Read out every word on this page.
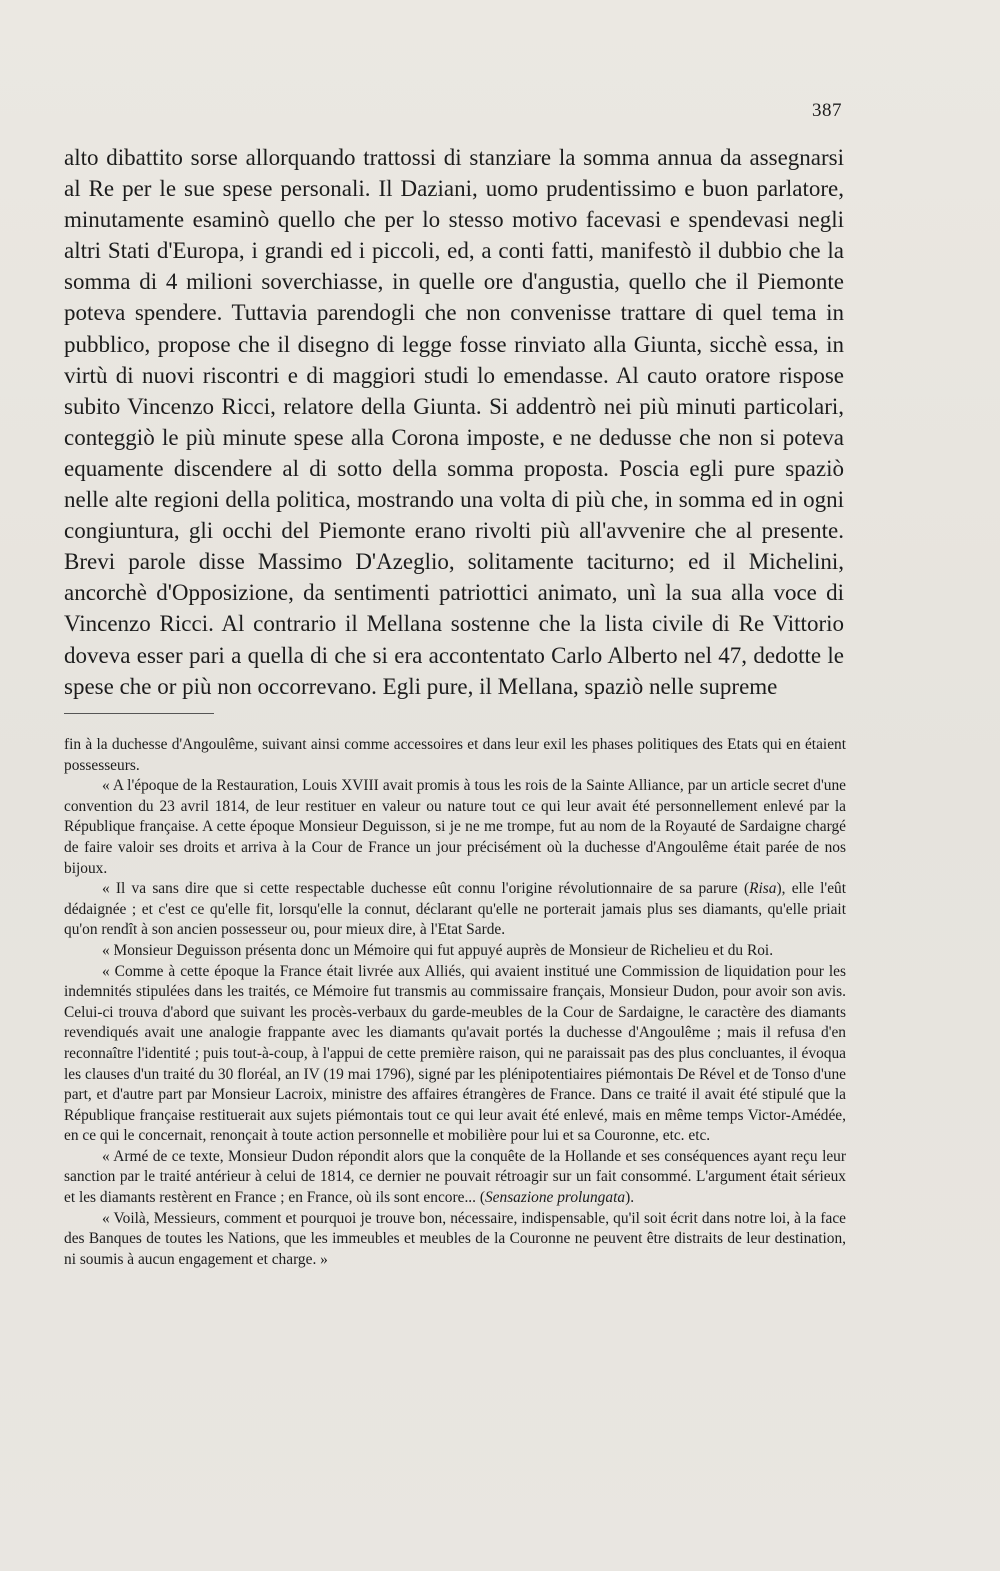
387

alto dibattito sorse allorquando trattossi di stanziare la somma annua da assegnarsi al Re per le sue spese personali. Il Daziani, uomo prudentissimo e buon parlatore, minutamente esaminò quello che per lo stesso motivo facevasi e spendevasi negli altri Stati d'Europa, i grandi ed i piccoli, ed, a conti fatti, manifestò il dubbio che la somma di 4 milioni soverchiasse, in quelle ore d'angustia, quello che il Piemonte poteva spendere. Tuttavia parendogli che non convenisse trattare di quel tema in pubblico, propose che il disegno di legge fosse rinviato alla Giunta, sicchè essa, in virtù di nuovi riscontri e di maggiori studi lo emendasse. Al cauto oratore rispose subito Vincenzo Ricci, relatore della Giunta. Si addentrò nei più minuti particolari, conteggiò le più minute spese alla Corona imposte, e ne dedusse che non si poteva equamente discendere al di sotto della somma proposta. Poscia egli pure spaziò nelle alte regioni della politica, mostrando una volta di più che, in somma ed in ogni congiuntura, gli occhi del Piemonte erano rivolti più all'avvenire che al presente. Brevi parole disse Massimo D'Azeglio, solitamente taciturno; ed il Michelini, ancorchè d'Opposizione, da sentimenti patriottici animato, unì la sua alla voce di Vincenzo Ricci. Al contrario il Mellana sostenne che la lista civile di Re Vittorio doveva esser pari a quella di che si era accontentato Carlo Alberto nel 47, dedotte le spese che or più non occorrevano. Egli pure, il Mellana, spaziò nelle supreme

fin à la duchesse d'Angoulême, suivant ainsi comme accessoires et dans leur exil les phases politiques des Etats qui en étaient possesseurs.

« A l'époque de la Restauration, Louis XVIII avait promis à tous les rois de la Sainte Alliance, par un article secret d'une convention du 23 avril 1814, de leur restituer en valeur ou nature tout ce qui leur avait été personnellement enlevé par la République française. A cette époque Monsieur Deguisson, si je ne me trompe, fut au nom de la Royauté de Sardaigne chargé de faire valoir ses droits et arriva à la Cour de France un jour précisément où la duchesse d'Angoulême était parée de nos bijoux.

« Il va sans dire que si cette respectable duchesse eût connu l'origine révolutionnaire de sa parure (Risa), elle l'eût dédaignée ; et c'est ce qu'elle fit, lorsqu'elle la connut, déclarant qu'elle ne porterait jamais plus ses diamants, qu'elle priait qu'on rendît à son ancien possesseur ou, pour mieux dire, à l'Etat Sarde.

« Monsieur Deguisson présenta donc un Mémoire qui fut appuyé auprès de Monsieur de Richelieu et du Roi.

« Comme à cette époque la France était livrée aux Alliés, qui avaient institué une Commission de liquidation pour les indemnités stipulées dans les traités, ce Mémoire fut transmis au commissaire français, Monsieur Dudon, pour avoir son avis. Celui-ci trouva d'abord que suivant les procès-verbaux du garde-meubles de la Cour de Sardaigne, le caractère des diamants revendiqués avait une analogie frappante avec les diamants qu'avait portés la duchesse d'Angoulême ; mais il refusa d'en reconnaître l'identité ; puis tout-à-coup, à l'appui de cette première raison, qui ne paraissait pas des plus concluantes, il évoqua les clauses d'un traité du 30 floréal, an IV (19 mai 1796), signé par les plénipotentiaires piémontais De Rével et de Tonso d'une part, et d'autre part par Monsieur Lacroix, ministre des affaires étrangères de France. Dans ce traité il avait été stipulé que la République française restituerait aux sujets piémontais tout ce qui leur avait été enlevé, mais en même temps Victor-Amédée, en ce qui le concernait, renonçait à toute action personnelle et mobilière pour lui et sa Couronne, etc. etc.

« Armé de ce texte, Monsieur Dudon répondit alors que la conquête de la Hollande et ses conséquences ayant reçu leur sanction par le traité antérieur à celui de 1814, ce dernier ne pouvait rétroagir sur un fait consommé. L'argument était sérieux et les diamants restèrent en France ; en France, où ils sont encore... (Sensazione prolungata).

« Voilà, Messieurs, comment et pourquoi je trouve bon, nécessaire, indispensable, qu'il soit écrit dans notre loi, à la face des Banques de toutes les Nations, que les immeubles et meubles de la Couronne ne peuvent être distraits de leur destination, ni soumis à aucun engagement et charge. »
